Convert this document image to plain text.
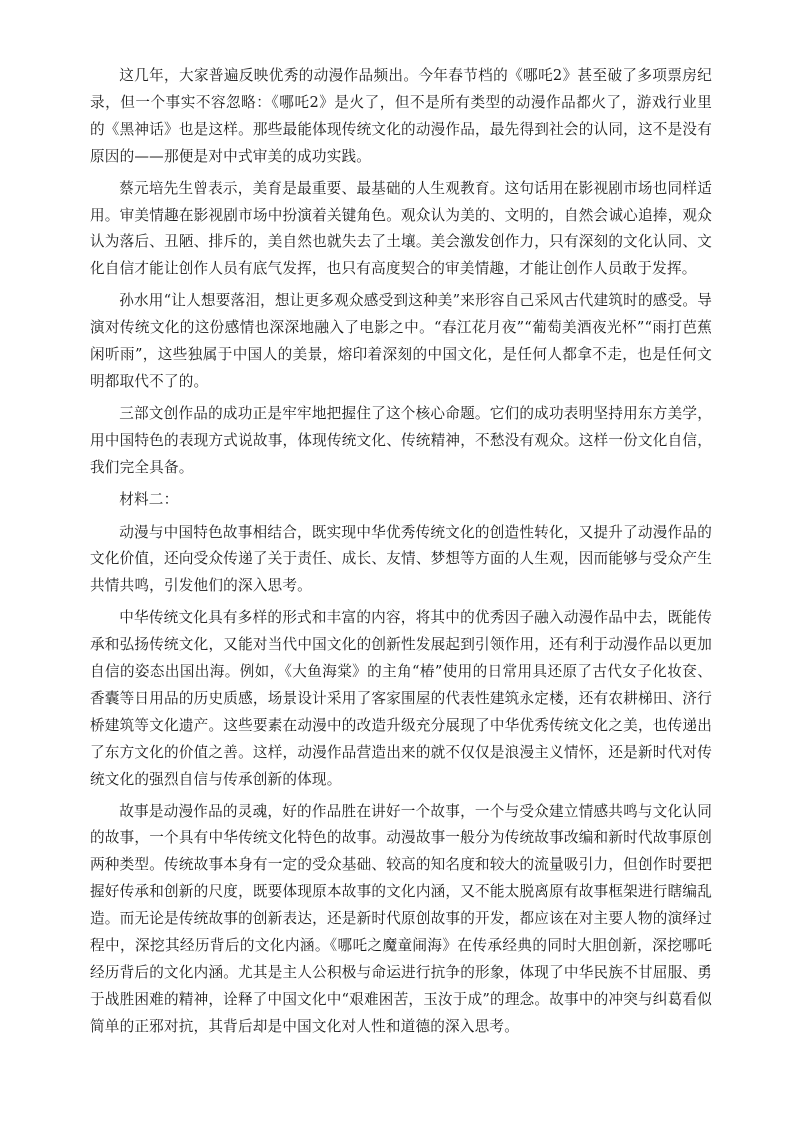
这几年，大家普遍反映优秀的动漫作品频出。今年春节档的《哪吒2》甚至破了多项票房纪录，但一个事实不容忽略：《哪吒2》是火了，但不是所有类型的动漫作品都火了，游戏行业里的《黑神话》也是这样。那些最能体现传统文化的动漫作品，最先得到社会的认同，这不是没有原因的——那便是对中式审美的成功实践。

蔡元培先生曾表示，美育是最重要、最基础的人生观教育。这句话用在影视剧市场也同样适用。审美情趣在影视剧市场中扮演着关键角色。观众认为美的、文明的，自然会诚心追捧，观众认为落后、丑陋、排斥的，美自然也就失去了土壤。美会激发创作力，只有深刻的文化认同、文化自信才能让创作人员有底气发挥，也只有高度契合的审美情趣，才能让创作人员敢于发挥。

孙水用“让人想要落泪，想让更多观众感受到这种美”来形容自己采风古代建筑时的感受。导演对传统文化的这份感情也深深地融入了电影之中。“春江花月夜”“葡萄美酒夜光杯”“雨打芭蕉闲听雨”，这些独属于中国人的美景，熔印着深刻的中国文化，是任何人都拿不走，也是任何文明都取代不了的。

三部文创作品的成功正是牢牢地把握住了这个核心命题。它们的成功表明坚持用东方美学，用中国特色的表现方式说故事，体现传统文化、传统精神，不愁没有观众。这样一份文化自信，我们完全具备。

材料二：

动漫与中国特色故事相结合，既实现中华优秀传统文化的创造性转化，又提升了动漫作品的文化价值，还向受众传递了关于责任、成长、友情、梦想等方面的人生观，因而能够与受众产生共情共鸣，引发他们的深入思考。

中华传统文化具有多样的形式和丰富的内容，将其中的优秀因子融入动漫作品中去，既能传承和弘扬传统文化，又能对当代中国文化的创新性发展起到引领作用，还有利于动漫作品以更加自信的姿态出国出海。例如，《大鱼海棠》的主角“椿”使用的日常用具还原了古代女子化妆奁、香囊等日用品的历史质感，场景设计采用了客家围屋的代表性建筑永定楼，还有农耕梯田、济行桥建筑等文化遗产。这些要素在动漫中的改造升级充分展现了中华优秀传统文化之美，也传递出了东方文化的价值之善。这样，动漫作品营造出来的就不仅仅是浪漫主义情怀，还是新时代对传统文化的强烈自信与传承创新的体现。

故事是动漫作品的灵魂，好的作品胜在讲好一个故事，一个与受众建立情感共鸣与文化认同的故事，一个具有中华传统文化特色的故事。动漫故事一般分为传统故事改编和新时代故事原创两种类型。传统故事本身有一定的受众基础、较高的知名度和较大的流量吸引力，但创作时要把握好传承和创新的尺度，既要体现原本故事的文化内涵，又不能太脱离原有故事框架进行瞎编乱造。而无论是传统故事的创新表达，还是新时代原创故事的开发，都应该在对主要人物的演绎过程中，深挖其经历背后的文化内涵。《哪吒之魔童闹海》在传承经典的同时大胆创新，深挖哪吒经历背后的文化内涵。尤其是主人公积极与命运进行抗争的形象，体现了中华民族不甘屈服、勇于战胜困难的精神，诠释了中国文化中“艰难困苦，玉汝于成”的理念。故事中的冲突与纠葛看似简单的正邪对抗，其背后却是中国文化对人性和道德的深入思考。
